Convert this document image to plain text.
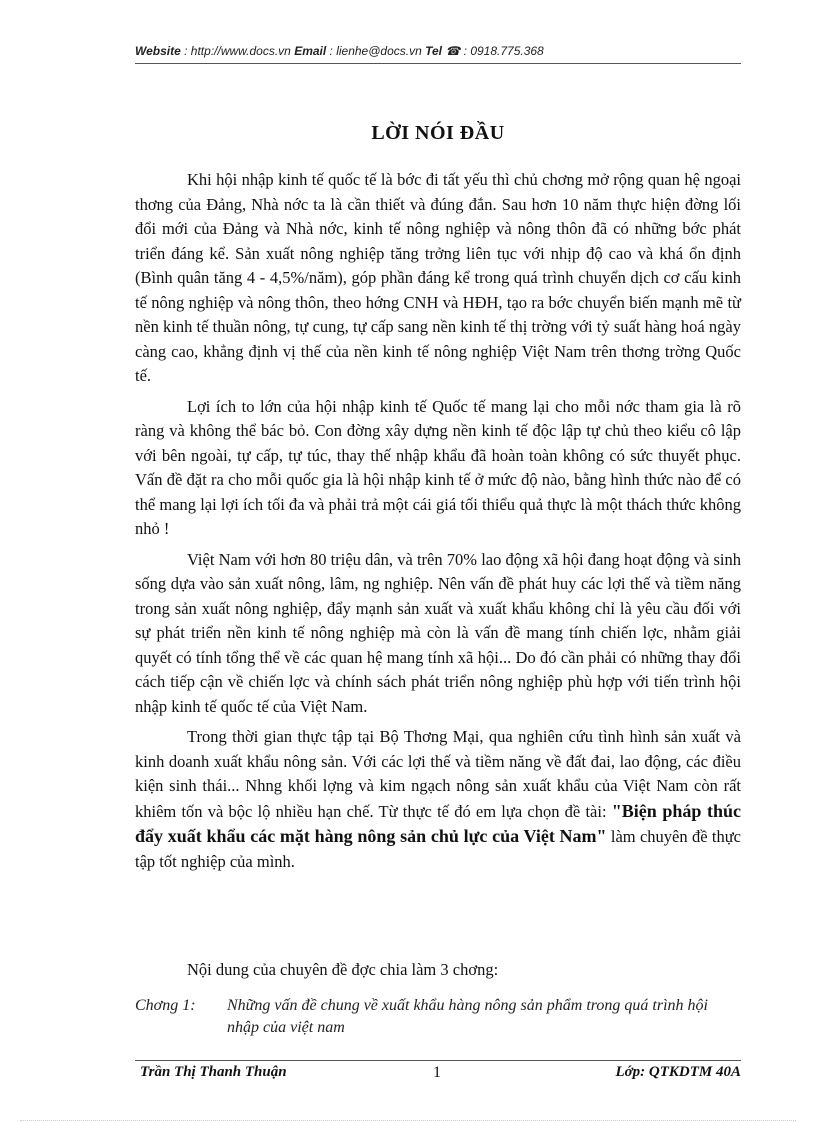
Website : http://www.docs.vn Email : lienhe@docs.vn Tel ☎ : 0918.775.368
LỜI NÓI ĐẦU

Khi hội nhập kinh tế quốc tế là bớc đi tất yếu thì chủ chơng mở rộng quan hệ ngoại thơng của Đảng, Nhà nớc ta là cần thiết và đúng đắn. Sau hơn 10 năm thực hiện đờng lối đổi mới của Đảng và Nhà nớc, kinh tế nông nghiệp và nông thôn đã có những bớc phát triển đáng kể. Sản xuất nông nghiệp tăng trởng liên tục với nhịp độ cao và khá ổn định (Bình quân tăng 4 - 4,5%/năm), góp phần đáng kể trong quá trình chuyển dịch cơ cấu kinh tế nông nghiệp và nông thôn, theo hớng CNH và HĐH, tạo ra bớc chuyển biến mạnh mẽ từ nền kinh tế thuần nông, tự cung, tự cấp sang nền kinh tế thị trờng với tỷ suất hàng hoá ngày càng cao, khẳng định vị thế của nền kinh tế nông nghiệp Việt Nam trên thơng trờng Quốc tế.

Lợi ích to lớn của hội nhập kinh tế Quốc tế mang lại cho mỗi nớc tham gia là rõ ràng và không thể bác bỏ. Con đờng xây dựng nền kinh tế độc lập tự chủ theo kiểu cô lập với bên ngoài, tự cấp, tự túc, thay thế nhập khẩu đã hoàn toàn không có sức thuyết phục. Vấn đề đặt ra cho mỗi quốc gia là hội nhập kinh tế ở mức độ nào, bằng hình thức nào để có thể mang lại lợi ích tối đa và phải trả một cái giá tối thiểu quả thực là một thách thức không nhỏ !

Việt Nam với hơn 80 triệu dân, và trên 70% lao động xã hội đang hoạt động và sinh sống dựa vào sản xuất nông, lâm, ng nghiệp. Nên vấn đề phát huy các lợi thế và tiềm năng trong sản xuất nông nghiệp, đẩy mạnh sản xuất và xuất khẩu không chỉ là yêu cầu đối với sự phát triển nền kinh tế nông nghiệp mà còn là vấn đề mang tính chiến lợc, nhằm giải quyết có tính tổng thể về các quan hệ mang tính xã hội... Do đó cần phải có những thay đổi cách tiếp cận về chiến lợc và chính sách phát triển nông nghiệp phù hợp với tiến trình hội nhập kinh tế quốc tế của Việt Nam.

Trong thời gian thực tập tại Bộ Thơng Mại, qua nghiên cứu tình hình sản xuất và kinh doanh xuất khẩu nông sản. Với các lợi thế và tiềm năng về đất đai, lao động, các điều kiện sinh thái... Nhng khối lợng và kim ngạch nông sản xuất khẩu của Việt Nam còn rất khiêm tốn và bộc lộ nhiều hạn chế. Từ thực tế đó em lựa chọn đề tài: "Biện pháp thúc đẩy xuất khẩu các mặt hàng nông sản chủ lực của Việt Nam" làm chuyên đề thực tập tốt nghiệp của mình.

Nội dung của chuyên đề đợc chia làm 3 chơng:
Chơng 1: Những vấn đề chung về xuất khẩu hàng nông sản phẩm trong quá trình hội nhập của việt nam
Trần Thị Thanh Thuận	1	Lớp: QTKDTM 40A
